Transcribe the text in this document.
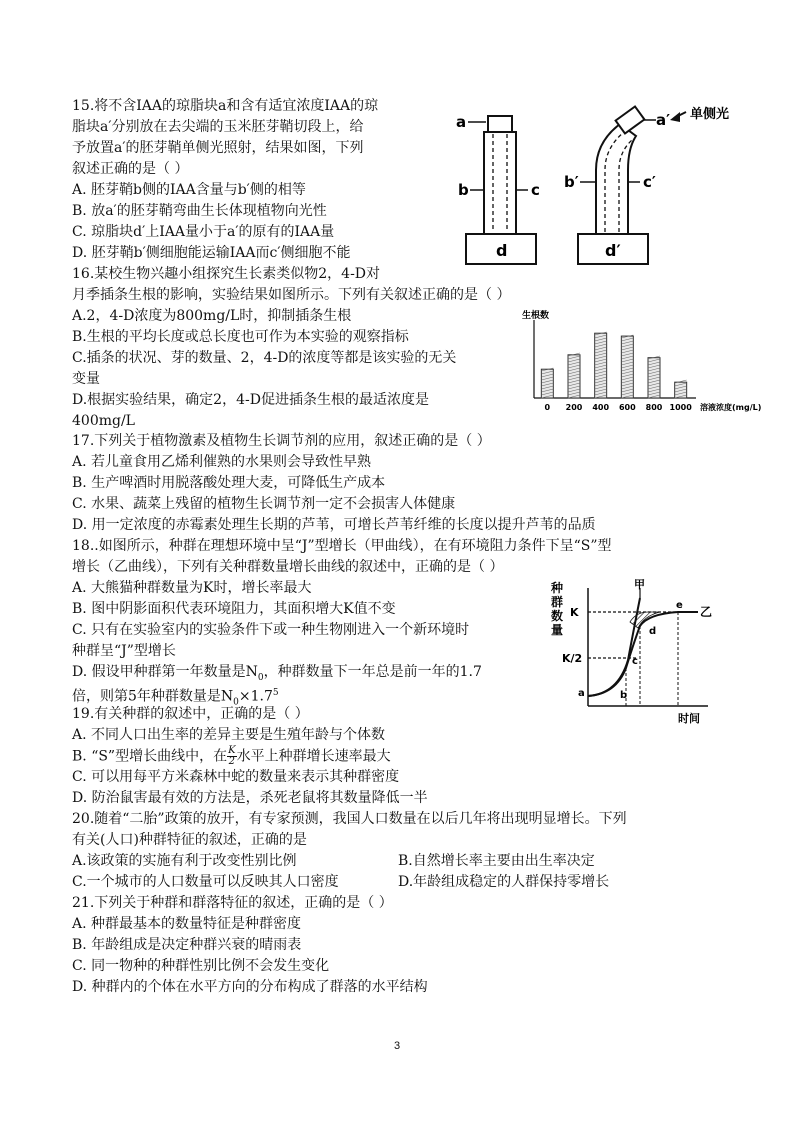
15.将不含IAA的琼脂块a和含有适宜浓度IAA的琼
脂块a′分别放在去尖端的玉米胚芽鞘切段上，给
予放置a′的胚芽鞘单侧光照射，结果如图，下列
叙述正确的是（ ）
A. 胚芽鞘b侧的IAA含量与b′侧的相等
B. 放a′的胚芽鞘弯曲生长体现植物向光性
C. 琼脂块d′上IAA量小于a′的原有的IAA量
D. 胚芽鞘b′侧细胞能运输IAA而c′侧细胞不能
a
b	c
d
a′
b′	c′
d′
单侧光
16.某校生物兴趣小组探究生长素类似物2，4-D对
月季插条生根的影响，实验结果如图所示。下列有关叙述正确的是（ ）
A.2，4-D浓度为800mg/L时，抑制插条生根
B.生根的平均长度或总长度也可作为本实验的观察指标
C.插条的状况、芽的数量、2，4-D的浓度等都是该实验的无关
变量
D.根据实验结果，确定2，4-D促进插条生根的最适浓度是
400mg/L
生根数
0 200 400 600 800 1000 溶液浓度(mg/L)
17.下列关于植物激素及植物生长调节剂的应用，叙述正确的是（ ）
A. 若儿童食用乙烯利催熟的水果则会导致性早熟
B. 生产啤酒时用脱落酸处理大麦，可降低生产成本
C. 水果、蔬菜上残留的植物生长调节剂一定不会损害人体健康
D. 用一定浓度的赤霉素处理生长期的芦苇，可增长芦苇纤维的长度以提升芦苇的品质
18..如图所示，种群在理想环境中呈“J”型增长（甲曲线），在有环境阻力条件下呈“S”型
增长（乙曲线），下列有关种群数量增长曲线的叙述中，正确的是（ ）
A. 大熊猫种群数量为K时，增长率最大
B. 图中阴影面积代表环境阻力，其面积增大K值不变
C. 只有在实验室内的实验条件下或一种生物刚进入一个新环境时
种群呈“J”型增长
D. 假设甲种群第一年数量是$N_0$，种群数量下一年总是前一年的1.7
倍，则第5年种群数量是$N_0\times 1.7^5$
种
群
数
量
K
K/2
甲
乙
a	b
c
d
e
时间
19.有关种群的叙述中，正确的是（ ）
A. 不同人口出生率的差异主要是生殖年龄与个体数
B. “S”型增长曲线中，在 $\frac{K}{2}$ 水平上种群增长速率最大
C. 可以用每平方米森林中蛇的数量来表示其种群密度
D. 防治鼠害最有效的方法是，杀死老鼠将其数量降低一半
20.随着“二胎”政策的放开，有专家预测，我国人口数量在以后几年将出现明显增长。下列
有关(人口)种群特征的叙述，正确的是
A.该政策的实施有利于改变性别比例	B.自然增长率主要由出生率决定
C.一个城市的人口数量可以反映其人口密度	D.年龄组成稳定的人群保持零增长
21.下列关于种群和群落特征的叙述，正确的是（ ）
A. 种群最基本的数量特征是种群密度
B. 年龄组成是决定种群兴衰的晴雨表
C. 同一物种的种群性别比例不会发生变化
D. 种群内的个体在水平方向的分布构成了群落的水平结构
3
